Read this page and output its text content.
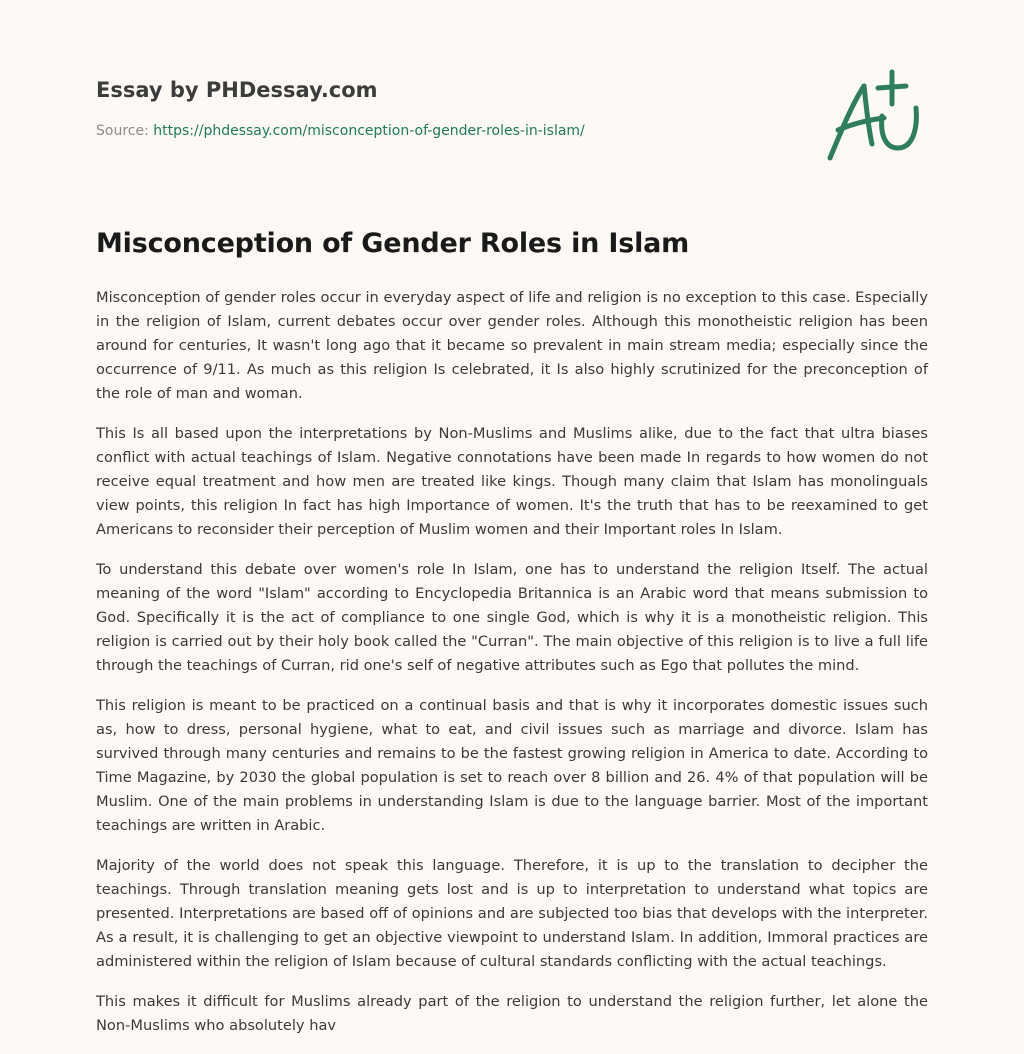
Essay by PHDessay.com
Source: https://phdessay.com/misconception-of-gender-roles-in-islam/
Misconception of Gender Roles in Islam

Misconception of gender roles occur in everyday aspect of life and religion is no exception to this case. Especially in the religion of Islam, current debates occur over gender roles. Although this monotheistic religion has been around for centuries, It wasn't long ago that it became so prevalent in main stream media; especially since the occurrence of 9/11. As much as this religion Is celebrated, it Is also highly scrutinized for the preconception of the role of man and woman.

This Is all based upon the interpretations by Non-Muslims and Muslims alike, due to the fact that ultra biases conflict with actual teachings of Islam. Negative connotations have been made In regards to how women do not receive equal treatment and how men are treated like kings. Though many claim that Islam has monolinguals view points, this religion In fact has high Importance of women. It's the truth that has to be reexamined to get Americans to reconsider their perception of Muslim women and their Important roles In Islam.

To understand this debate over women's role In Islam, one has to understand the religion Itself. The actual meaning of the word "Islam" according to Encyclopedia Britannica is an Arabic word that means submission to God. Specifically it is the act of compliance to one single God, which is why it is a monotheistic religion. This religion is carried out by their holy book called the "Curran". The main objective of this religion is to live a full life through the teachings of Curran, rid one's self of negative attributes such as Ego that pollutes the mind.

This religion is meant to be practiced on a continual basis and that is why it incorporates domestic issues such as, how to dress, personal hygiene, what to eat, and civil issues such as marriage and divorce. Islam has survived through many centuries and remains to be the fastest growing religion in America to date. According to Time Magazine, by 2030 the global population is set to reach over 8 billion and 26. 4% of that population will be Muslim. One of the main problems in understanding Islam is due to the language barrier. Most of the important teachings are written in Arabic.

Majority of the world does not speak this language. Therefore, it is up to the translation to decipher the teachings. Through translation meaning gets lost and is up to interpretation to understand what topics are presented. Interpretations are based off of opinions and are subjected too bias that develops with the interpreter. As a result, it is challenging to get an objective viewpoint to understand Islam. In addition, Immoral practices are administered within the religion of Islam because of cultural standards conflicting with the actual teachings.

This makes it difficult for Muslims already part of the religion to understand the religion further, let alone the Non-Muslims who absolutely hav
